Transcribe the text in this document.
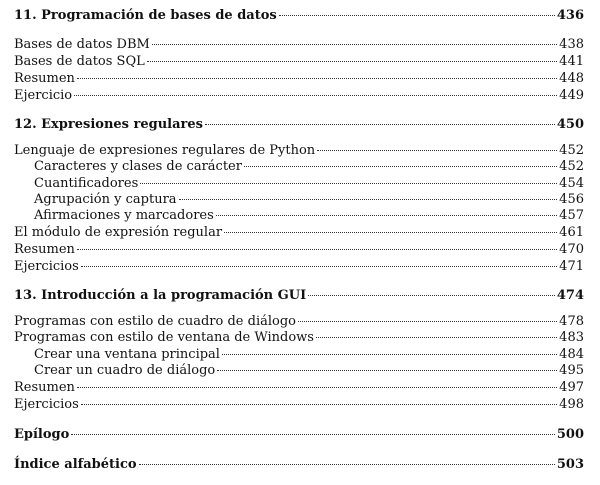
11. Programación de bases de datos	436
Bases de datos DBM	438
Bases de datos SQL	441
Resumen	448
Ejercicio	449
12. Expresiones regulares	450
Lenguaje de expresiones regulares de Python	452
Caracteres y clases de carácter	452
Cuantificadores	454
Agrupación y captura	456
Afirmaciones y marcadores	457
El módulo de expresión regular	461
Resumen	470
Ejercicios	471
13. Introducción a la programación GUI	474
Programas con estilo de cuadro de diálogo	478
Programas con estilo de ventana de Windows	483
Crear una ventana principal	484
Crear un cuadro de diálogo	495
Resumen	497
Ejercicios	498
Epílogo	500
Índice alfabético	503
